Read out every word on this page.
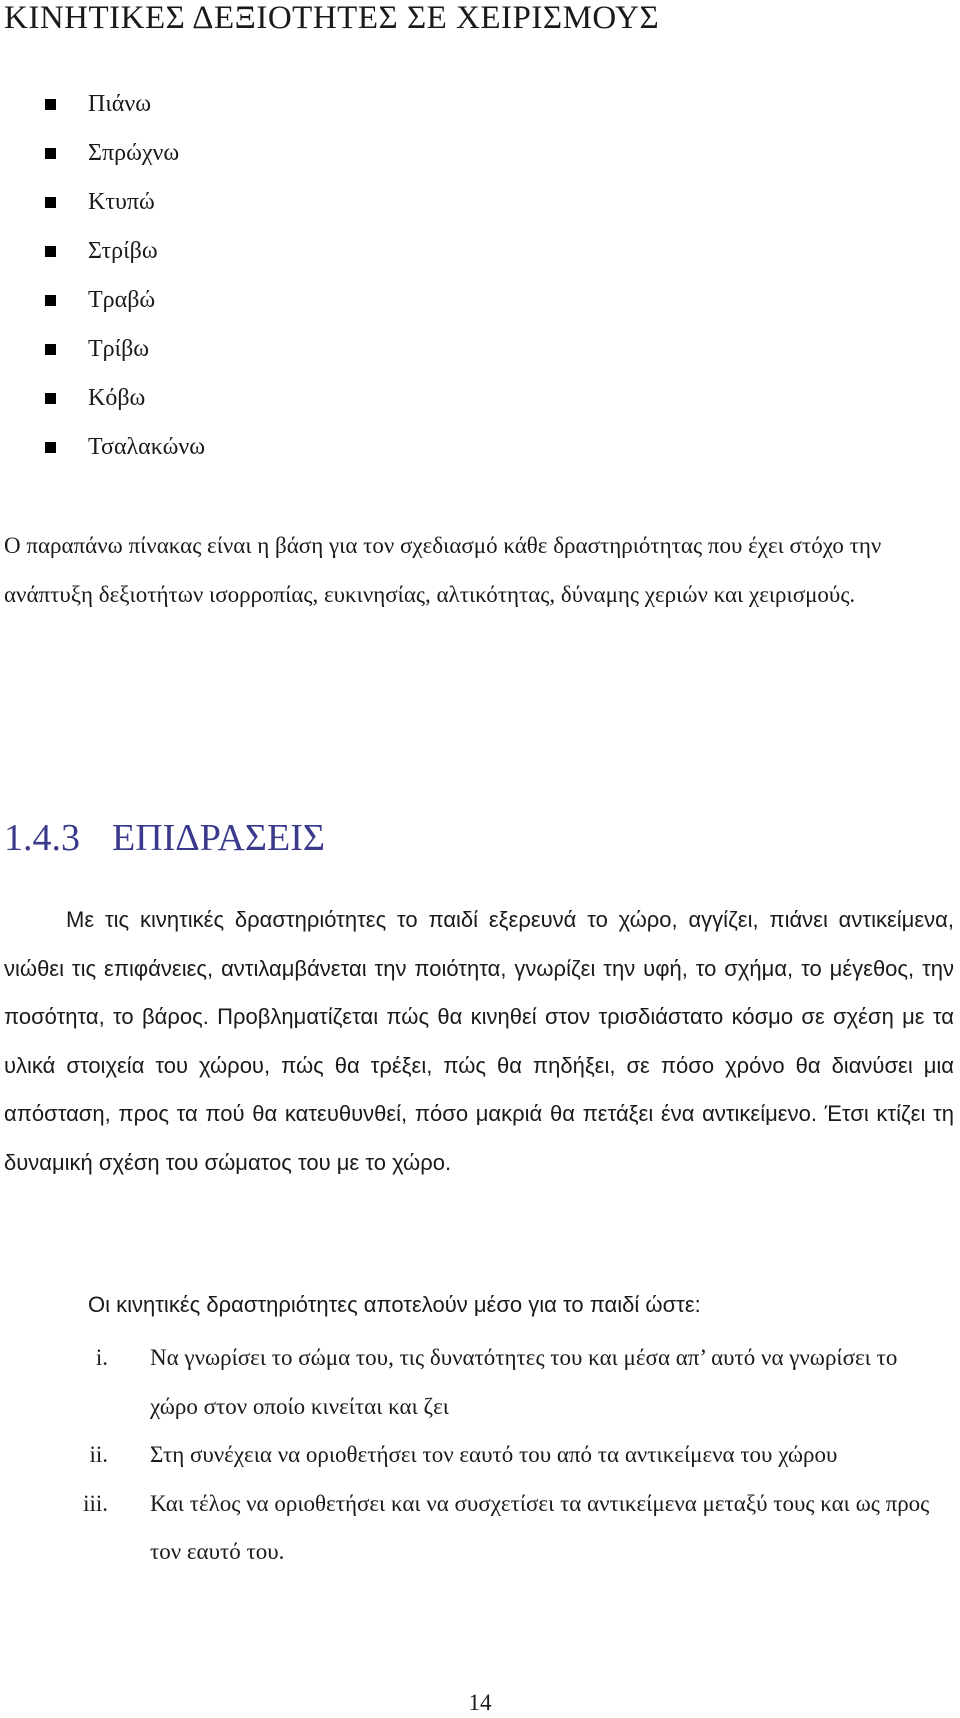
ΚΙΝΗΤΙΚΕΣ ΔΕΞΙΟΤΗΤΕΣ ΣΕ ΧΕΙΡΙΣΜΟΥΣ
Πιάνω
Σπρώχνω
Κτυπώ
Στρίβω
Τραβώ
Τρίβω
Κόβω
Τσαλακώνω

Ο παραπάνω πίνακας είναι η βάση για τον σχεδιασμό κάθε δραστηριότητας που έχει στόχο την ανάπτυξη δεξιοτήτων ισορροπίας, ευκινησίας, αλτικότητας, δύναμης χεριών και χειρισμούς.

1.4.3 ΕΠΙΔΡΑΣΕΙΣ

Με τις κινητικές δραστηριότητες το παιδί εξερευνά το χώρο, αγγίζει, πιάνει αντικείμενα, νιώθει τις επιφάνειες, αντιλαμβάνεται την ποιότητα, γνωρίζει την υφή, το σχήμα, το μέγεθος, την ποσότητα, το βάρος. Προβληματίζεται πώς θα κινηθεί στον τρισδιάστατο κόσμο σε σχέση με τα υλικά στοιχεία του χώρου, πώς θα τρέξει, πώς θα πηδήξει, σε πόσο χρόνο θα διανύσει μια απόσταση, προς τα πού θα κατευθυνθεί, πόσο μακριά θα πετάξει ένα αντικείμενο. Έτσι κτίζει τη δυναμική σχέση του σώματος του με το χώρο.

Οι κινητικές δραστηριότητες αποτελούν μέσο για το παιδί ώστε:

i. Να γνωρίσει το σώμα του, τις δυνατότητες του και μέσα απ’ αυτό να γνωρίσει το χώρο στον οποίο κινείται και ζει
ii. Στη συνέχεια να οριοθετήσει τον εαυτό του από τα αντικείμενα του χώρου
iii. Και τέλος να οριοθετήσει και να συσχετίσει τα αντικείμενα μεταξύ τους και ως προς τον εαυτό του.
14
